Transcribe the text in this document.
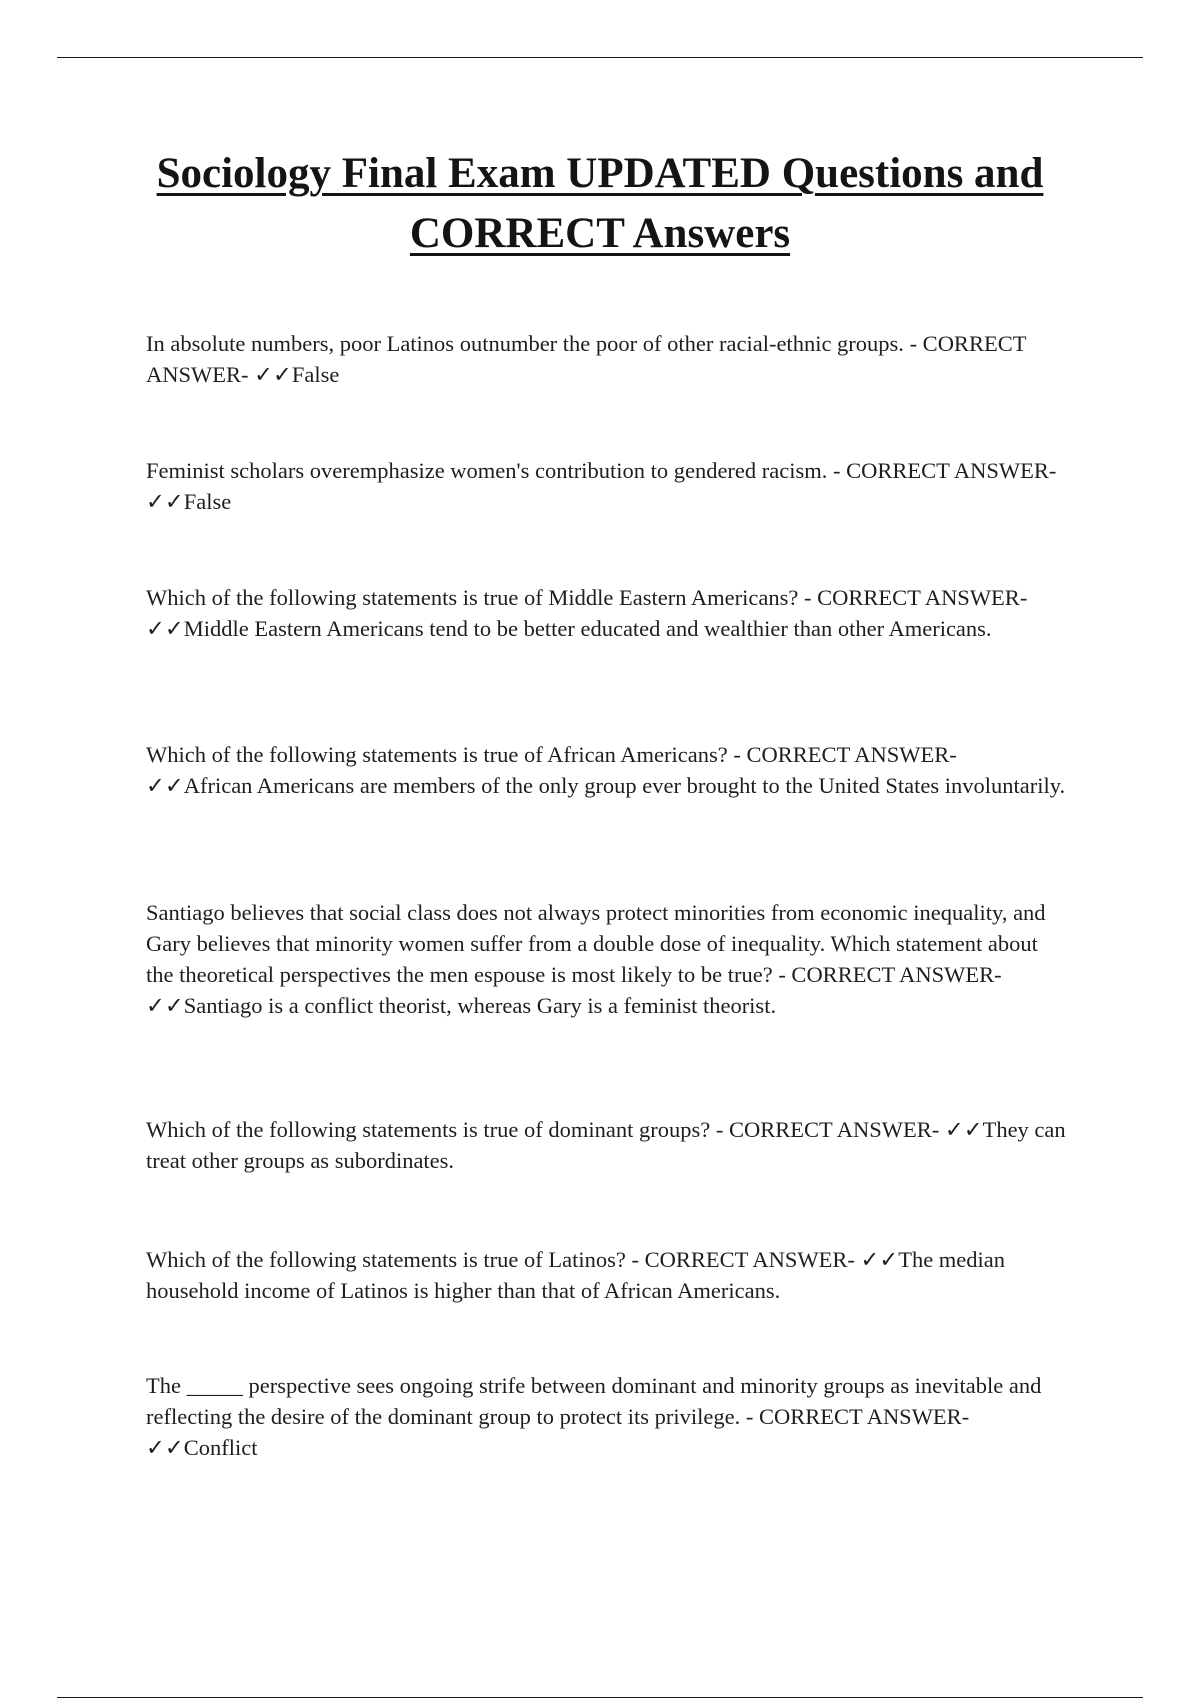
Sociology Final Exam UPDATED Questions and CORRECT Answers

In absolute numbers, poor Latinos outnumber the poor of other racial-ethnic groups. - CORRECT ANSWER- ✓✓False

Feminist scholars overemphasize women's contribution to gendered racism. - CORRECT ANSWER- ✓✓False

Which of the following statements is true of Middle Eastern Americans? - CORRECT ANSWER- ✓✓Middle Eastern Americans tend to be better educated and wealthier than other Americans.

Which of the following statements is true of African Americans? - CORRECT ANSWER- ✓✓African Americans are members of the only group ever brought to the United States involuntarily.

Santiago believes that social class does not always protect minorities from economic inequality, and Gary believes that minority women suffer from a double dose of inequality. Which statement about the theoretical perspectives the men espouse is most likely to be true? - CORRECT ANSWER- ✓✓Santiago is a conflict theorist, whereas Gary is a feminist theorist.

Which of the following statements is true of dominant groups? - CORRECT ANSWER- ✓✓They can treat other groups as subordinates.

Which of the following statements is true of Latinos? - CORRECT ANSWER- ✓✓The median household income of Latinos is higher than that of African Americans.

The _____ perspective sees ongoing strife between dominant and minority groups as inevitable and reflecting the desire of the dominant group to protect its privilege. - CORRECT ANSWER- ✓✓Conflict
